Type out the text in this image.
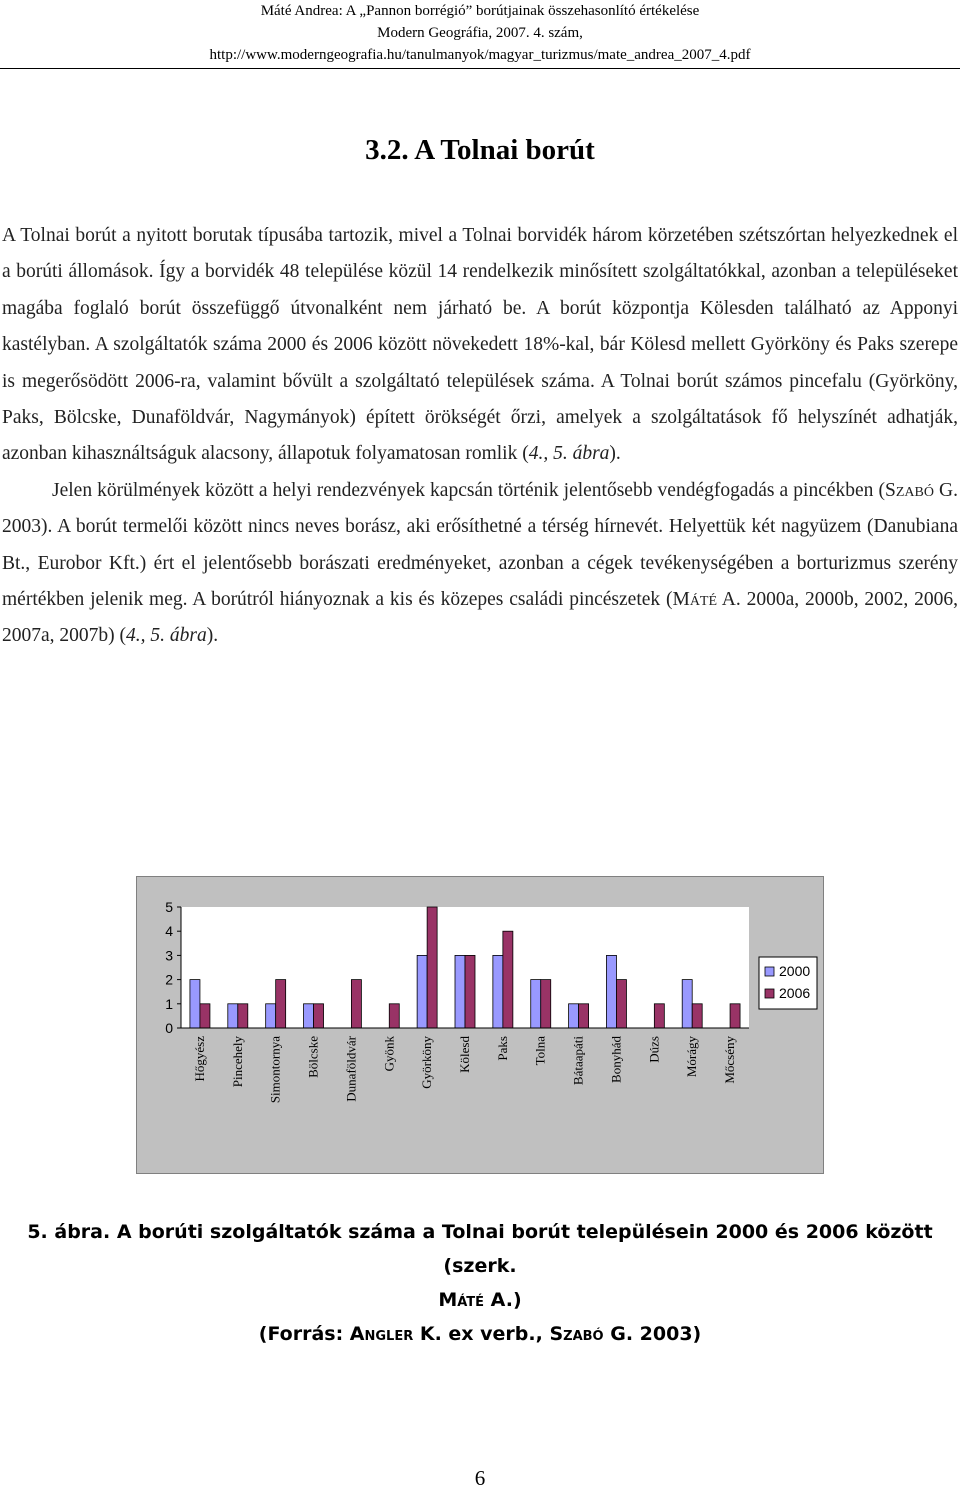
Máté Andrea: A „Pannon borrégió” borútjainak összehasonlító értékelése
Modern Geográfia, 2007. 4. szám,
http://www.moderngeografia.hu/tanulmanyok/magyar_turizmus/mate_andrea_2007_4.pdf
3.2. A Tolnai borút

A Tolnai borút a nyitott borutak típusába tartozik, mivel a Tolnai borvidék három körzetében szétszórtan helyezkednek el a borúti állomások. Így a borvidék 48 települése közül 14 rendelkezik minősített szolgáltatókkal, azonban a településeket magába foglaló borút összefüggő útvonalként nem járható be. A borút központja Kölesden található az Apponyi kastélyban. A szolgáltatók száma 2000 és 2006 között növekedett 18%-kal, bár Kölesd mellett Györköny és Paks szerepe is megerősödött 2006-ra, valamint bővült a szolgáltató települések száma. A Tolnai borút számos pincefalu (Györköny, Paks, Bölcske, Dunaföldvár, Nagymányok) épített örökségét őrzi, amelyek a szolgáltatások fő helyszínét adhatják, azonban kihasználtságuk alacsony, állapotuk folyamatosan romlik (4., 5. ábra).

Jelen körülmények között a helyi rendezvények kapcsán történik jelentősebb vendégfogadás a pincékben (Szabó G. 2003). A borút termelői között nincs neves borász, aki erősíthetné a térség hírnevét. Helyettük két nagyüzem (Danubiana Bt., Eurobor Kft.) ért el jelentősebb borászati eredményeket, azonban a cégek tevékenységében a borturizmus szerény mértékben jelenik meg. A borútról hiányoznak a kis és közepes családi pincészetek (Máté A. 2000a, 2000b, 2002, 2006, 2007a, 2007b) (4., 5. ábra).

0
1
2
3
4
5
Hőgyész Pincehely Simontornya Bölcske Dunaföldvár Gyönk Györköny Kölesd Paks Tolna Bátaapáti Bonyhád Dúzs Mórágy Mőcsény
2000
2006
5. ábra. A borúti szolgáltatók száma a Tolnai borút településein 2000 és 2006 között (szerk.
Máté A.)
(Forrás: Angler K. ex verb., Szabó G. 2003)
6
